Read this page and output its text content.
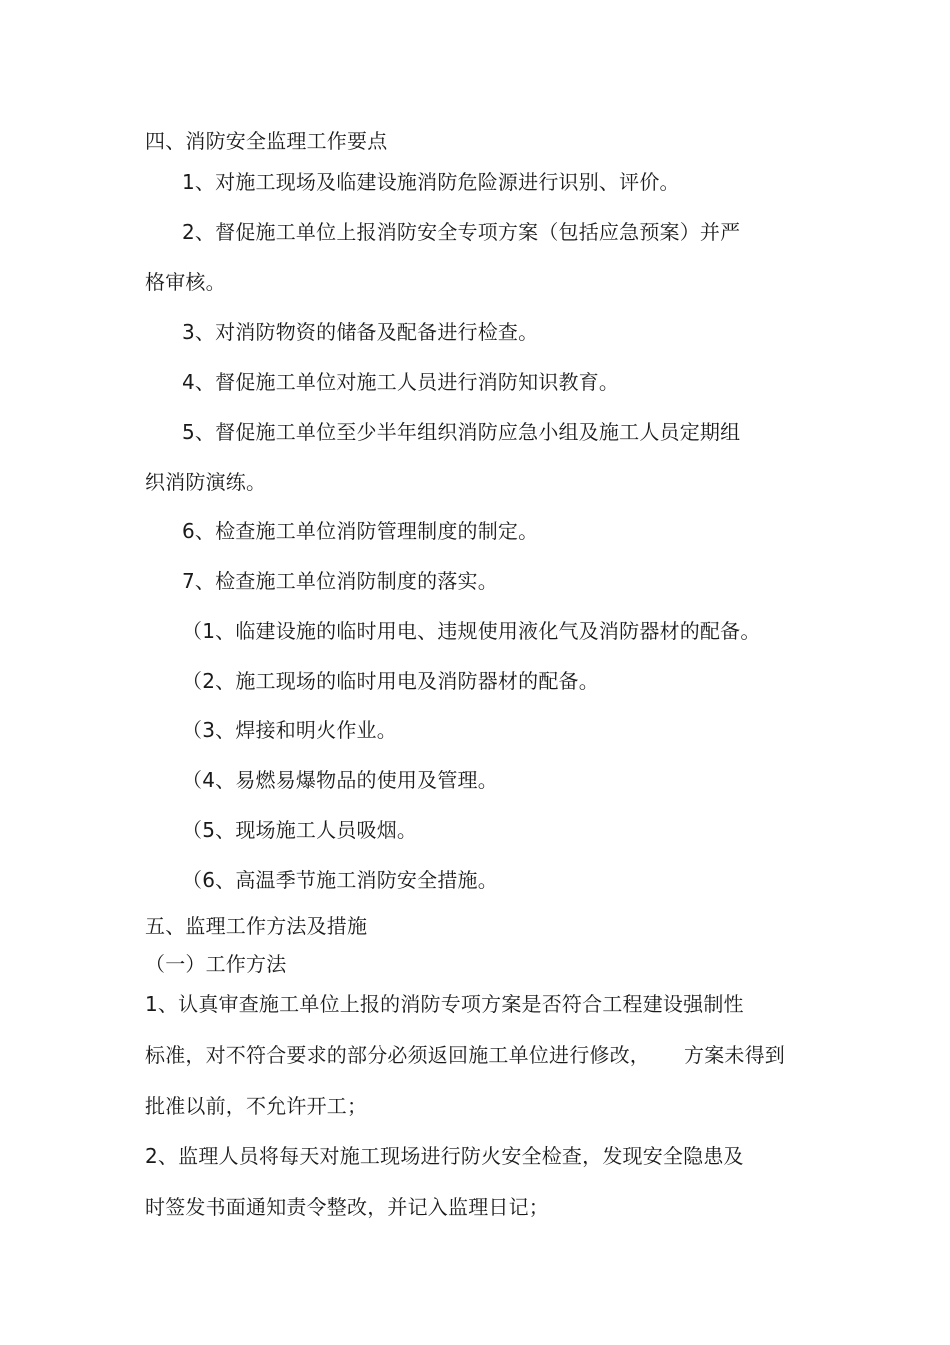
四、消防安全监理工作要点
1、对施工现场及临建设施消防危险源进行识别、评价。
2、督促施工单位上报消防安全专项方案（包括应急预案）并严
格审核。
3、对消防物资的储备及配备进行检查。
4、督促施工单位对施工人员进行消防知识教育。
5、督促施工单位至少半年组织消防应急小组及施工人员定期组
织消防演练。
6、检查施工单位消防管理制度的制定。
7、检查施工单位消防制度的落实。
（1、临建设施的临时用电、违规使用液化气及消防器材的配备。
（2、施工现场的临时用电及消防器材的配备。
（3、焊接和明火作业。
（4、易燃易爆物品的使用及管理。
（5、现场施工人员吸烟。
（6、高温季节施工消防安全措施。
五、监理工作方法及措施
（一）工作方法
1、认真审查施工单位上报的消防专项方案是否符合工程建设强制性
标准，对不符合要求的部分必须返回施工单位进行修改， 方案未得到
批准以前，不允许开工；
2、监理人员将每天对施工现场进行防火安全检查，发现安全隐患及
时签发书面通知责令整改，并记入监理日记；
